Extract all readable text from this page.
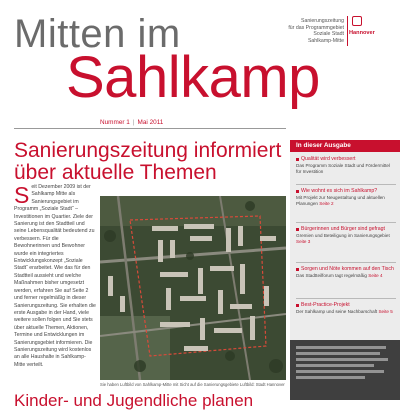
Mitten im
Sahlkamp
Sanierungszeitung
für das Programmgebiet
Soziale Stadt
Sahlkamp-Mitte
Hannover
Nummer 1 | Mai 2011
Sanierungszeitung informiert über aktuelle Themen
Seit Dezember 2009 ist der Sahlkamp Mitte als Sanierungsgebiet im Programm „Soziale Stadt“ – Investitionen im Quartier. Ziele der Sanierung ist den Stadtteil und seine Lebensqualität bedeutend zu verbessern. Für die Bewohnerinnen und Bewohner wurde ein integriertes Entwicklungskonzept „Soziale Stadt“ erarbeitet. Wie das für den Stadtteil aussieht und welche Maßnahmen bisher umgesetzt werden, erfahren Sie auf Seite 2 und ferner regelmäßig in dieser Sanierungszeitung. Sie erhalten die erste Ausgabe in der Hand, viele weitere sollen folgen und Sie stets über aktuelle Themen, Aktionen, Termine und Entwicklungen im Sanierungsgebiet informieren. Die Sanierungszeitung wird kostenlos an alle Haushalte in Sahlkamp-Mitte verteilt.
Sie haben Luftbild von Sahlkamp-Mitte mit Sicht auf die Sanierungsgebiete Luftbild: Stadt Hannover
Kinder- und Jugendliche planen
In dieser Ausgabe
Qualität wird verbessert
Das Programm Soziale Stadt und Fördermittel für Investition
Wie wohnt es sich im Sahlkamp?
Mit Projekt zur Neugestaltung und aktuellen Planungen Seite 2
Bürgerinnen und Bürger sind gefragt
Gremien und Beteiligung im Sanierungsgebiet Seite 3
Sorgen und Nöte kommen auf den Tisch
Das Stadtteilforum tagt regelmäßig Seite 4
Best-Practice-Projekt
Der Sahlkamp und seine Nachbarschaft Seite 5
